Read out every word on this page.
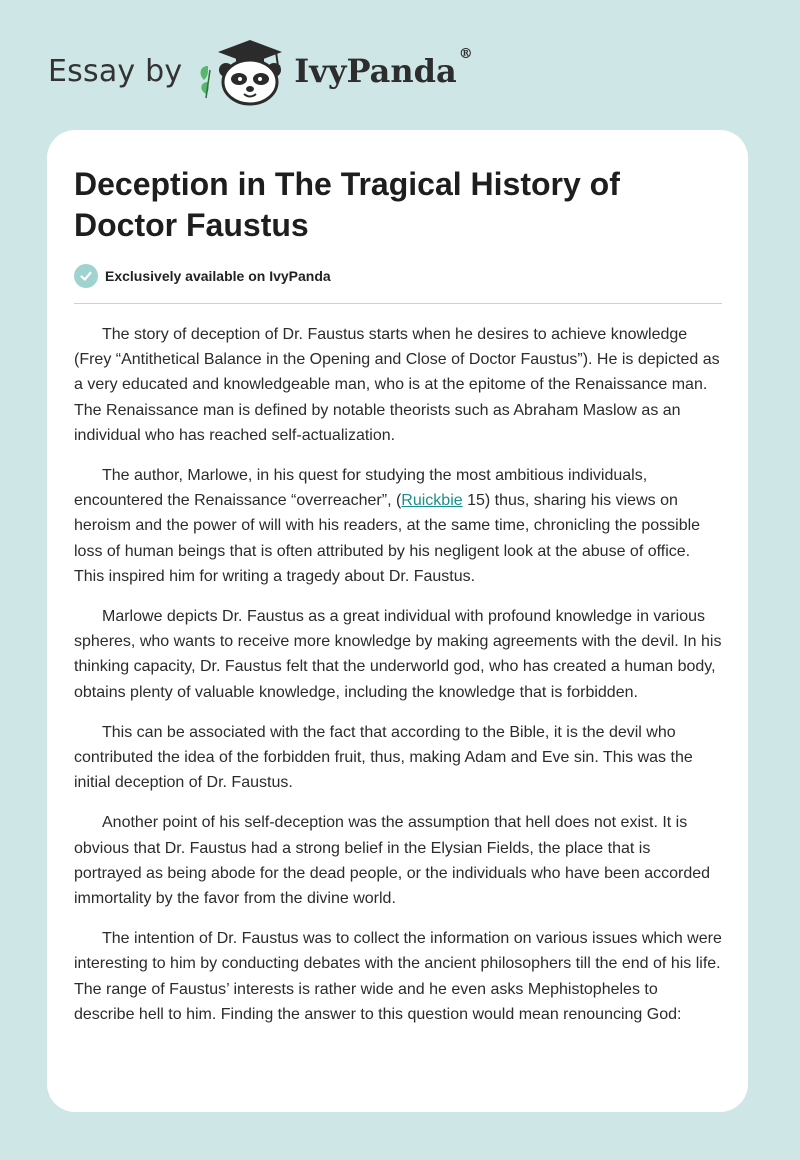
Essay by	IvyPanda ®
Deception in The Tragical History of Doctor Faustus
Exclusively available on IvyPanda

The story of deception of Dr. Faustus starts when he desires to achieve knowledge (Frey “Antithetical Balance in the Opening and Close of Doctor Faustus”). He is depicted as a very educated and knowledgeable man, who is at the epitome of the Renaissance man. The Renaissance man is defined by notable theorists such as Abraham Maslow as an individual who has reached self-actualization.

The author, Marlowe, in his quest for studying the most ambitious individuals, encountered the Renaissance “overreacher”, (Ruickbie 15) thus, sharing his views on heroism and the power of will with his readers, at the same time, chronicling the possible loss of human beings that is often attributed by his negligent look at the abuse of office. This inspired him for writing a tragedy about Dr. Faustus.

Marlowe depicts Dr. Faustus as a great individual with profound knowledge in various spheres, who wants to receive more knowledge by making agreements with the devil. In his thinking capacity, Dr. Faustus felt that the underworld god, who has created a human body, obtains plenty of valuable knowledge, including the knowledge that is forbidden.

This can be associated with the fact that according to the Bible, it is the devil who contributed the idea of the forbidden fruit, thus, making Adam and Eve sin. This was the initial deception of Dr. Faustus.

Another point of his self-deception was the assumption that hell does not exist. It is obvious that Dr. Faustus had a strong belief in the Elysian Fields, the place that is portrayed as being abode for the dead people, or the individuals who have been accorded immortality by the favor from the divine world.

The intention of Dr. Faustus was to collect the information on various issues which were interesting to him by conducting debates with the ancient philosophers till the end of his life. The range of Faustus’ interests is rather wide and he even asks Mephistopheles to describe hell to him. Finding the answer to this question would mean renouncing God:
